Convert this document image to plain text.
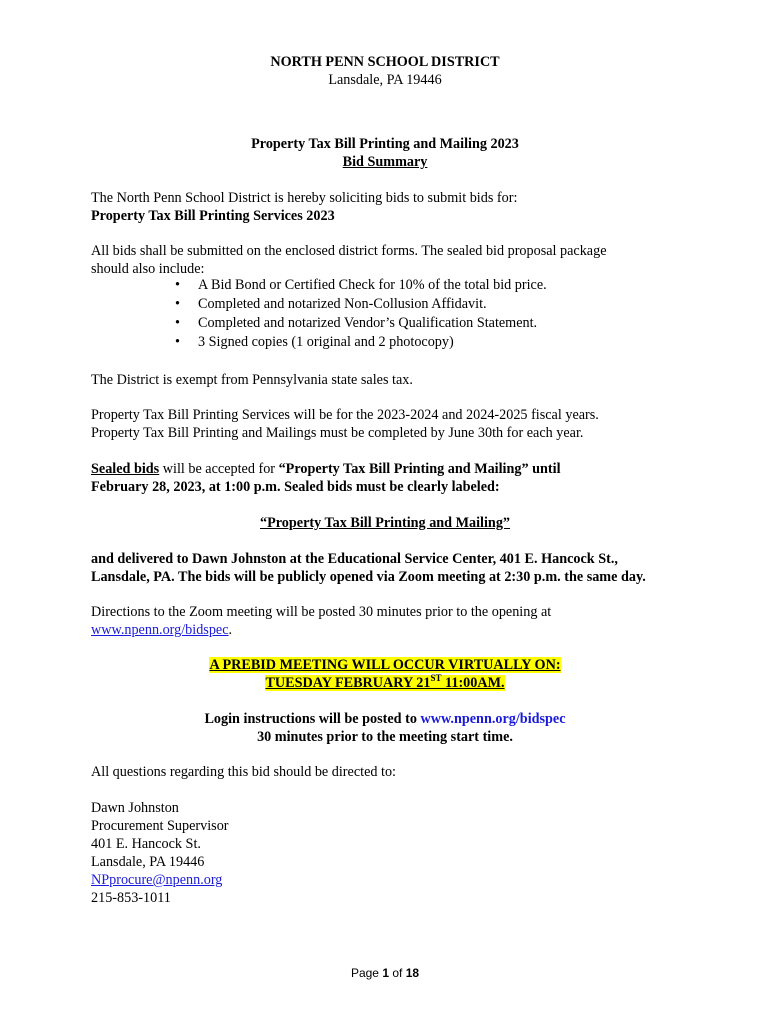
NORTH PENN SCHOOL DISTRICT
Lansdale, PA 19446
Property Tax Bill Printing and Mailing 2023
Bid Summary
The North Penn School District is hereby soliciting bids to submit bids for:
Property Tax Bill Printing Services 2023
All bids shall be submitted on the enclosed district forms. The sealed bid proposal package
should also include:
• A Bid Bond or Certified Check for 10% of the total bid price.
• Completed and notarized Non-Collusion Affidavit.
• Completed and notarized Vendor’s Qualification Statement.
• 3 Signed copies (1 original and 2 photocopy)
The District is exempt from Pennsylvania state sales tax.
Property Tax Bill Printing Services will be for the 2023-2024 and 2024-2025 fiscal years.
Property Tax Bill Printing and Mailings must be completed by June 30th for each year.
Sealed bids will be accepted for “Property Tax Bill Printing and Mailing” until
February 28, 2023, at 1:00 p.m. Sealed bids must be clearly labeled:
“Property Tax Bill Printing and Mailing”
and delivered to Dawn Johnston at the Educational Service Center, 401 E. Hancock St.,
Lansdale, PA. The bids will be publicly opened via Zoom meeting at 2:30 p.m. the same day.
Directions to the Zoom meeting will be posted 30 minutes prior to the opening at
www.npenn.org/bidspec.
A PREBID MEETING WILL OCCUR VIRTUALLY ON:
TUESDAY FEBRUARY 21ST 11:00AM.
Login instructions will be posted to www.npenn.org/bidspec
30 minutes prior to the meeting start time.
All questions regarding this bid should be directed to:
Dawn Johnston
Procurement Supervisor
401 E. Hancock St.
Lansdale, PA 19446
NPprocure@npenn.org
215-853-1011
Page 1 of 18
